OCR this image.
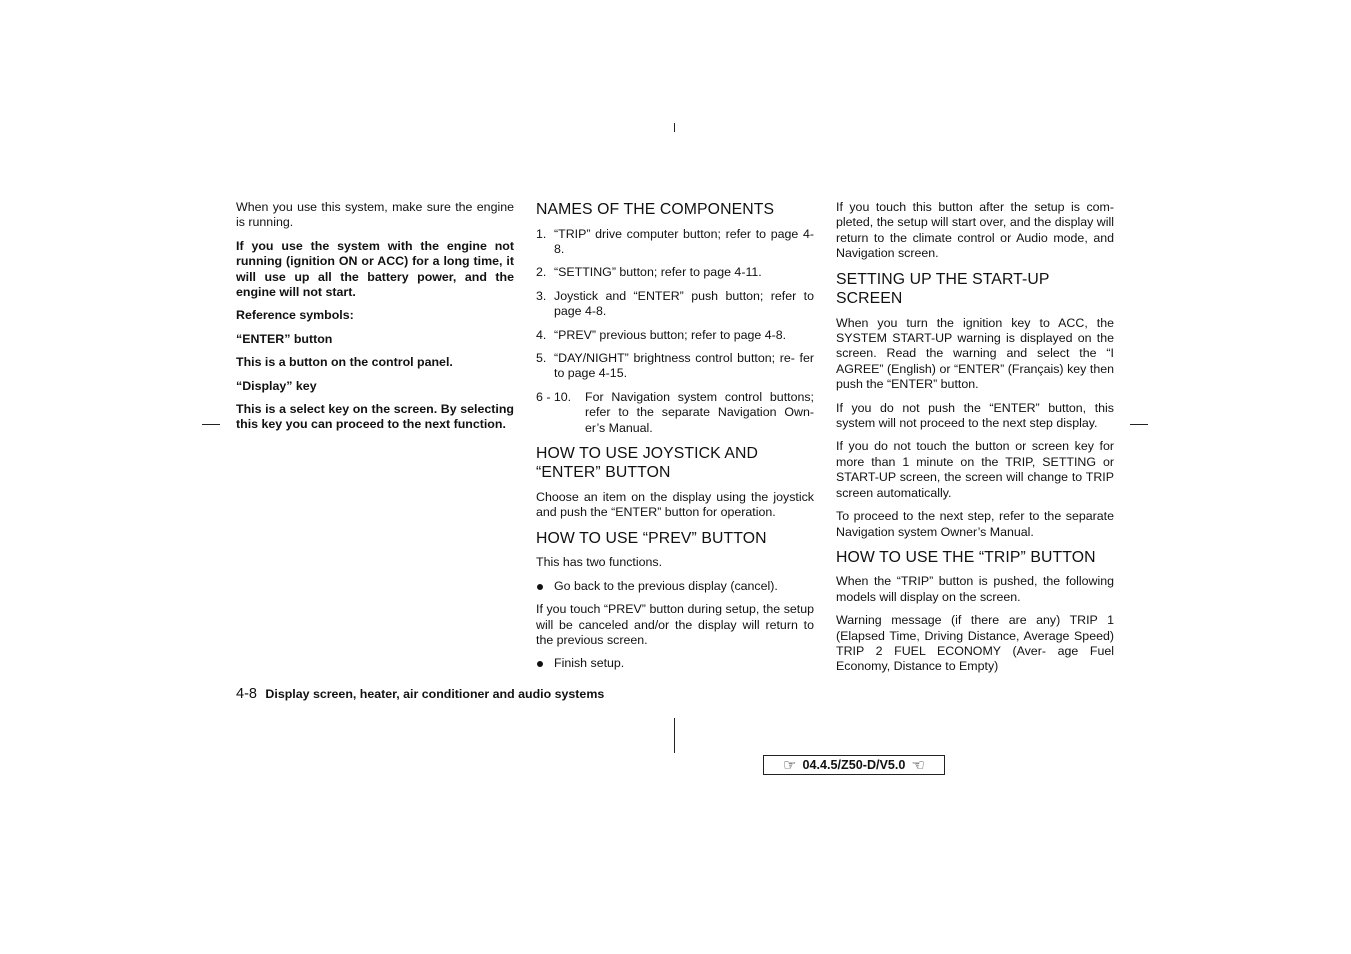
When you use this system, make sure the engine is running.

If you use the system with the engine not running (ignition ON or ACC) for a long time, it will use up all the battery power, and the engine will not start.

Reference symbols:

“ENTER” button

This is a button on the control panel.

“Display” key

This is a select key on the screen. By selecting this key you can proceed to the next function.

NAMES OF THE COMPONENTS
1. “TRIP” drive computer button; refer to page 4-8.
2. “SETTING” button; refer to page 4-11.
3. Joystick and “ENTER” push button; refer to page 4-8.
4. “PREV” previous button; refer to page 4-8.
5. “DAY/NIGHT” brightness control button; re- fer to page 4-15.
6 - 10. For Navigation system control buttons; refer to the separate Navigation Own- er’s Manual.
HOW TO USE JOYSTICK AND “ENTER” BUTTON

Choose an item on the display using the joystick and push the “ENTER” button for operation.

HOW TO USE “PREV” BUTTON

This has two functions.

Go back to the previous display (cancel).

If you touch “PREV” button during setup, the setup will be canceled and/or the display will return to the previous screen.

Finish setup.

If you touch this button after the setup is com- pleted, the setup will start over, and the display will return to the climate control or Audio mode, and Navigation screen.

SETTING UP THE START-UP SCREEN

When you turn the ignition key to ACC, the SYSTEM START-UP warning is displayed on the screen. Read the warning and select the “I AGREE” (English) or “ENTER” (Français) key then push the “ENTER” button.

If you do not push the “ENTER” button, this system will not proceed to the next step display.

If you do not touch the button or screen key for more than 1 minute on the TRIP, SETTING or START-UP screen, the screen will change to TRIP screen automatically.

To proceed to the next step, refer to the separate Navigation system Owner’s Manual.

HOW TO USE THE “TRIP” BUTTON

When the “TRIP” button is pushed, the following models will display on the screen.

Warning message (if there are any) TRIP 1 (Elapsed Time, Driving Distance, Average Speed) TRIP 2 FUEL ECONOMY (Aver- age Fuel Economy, Distance to Empty)

4-8 Display screen, heater, air conditioner and audio systems
☞ 04.4.5/Z50-D/V5.0 ☜
